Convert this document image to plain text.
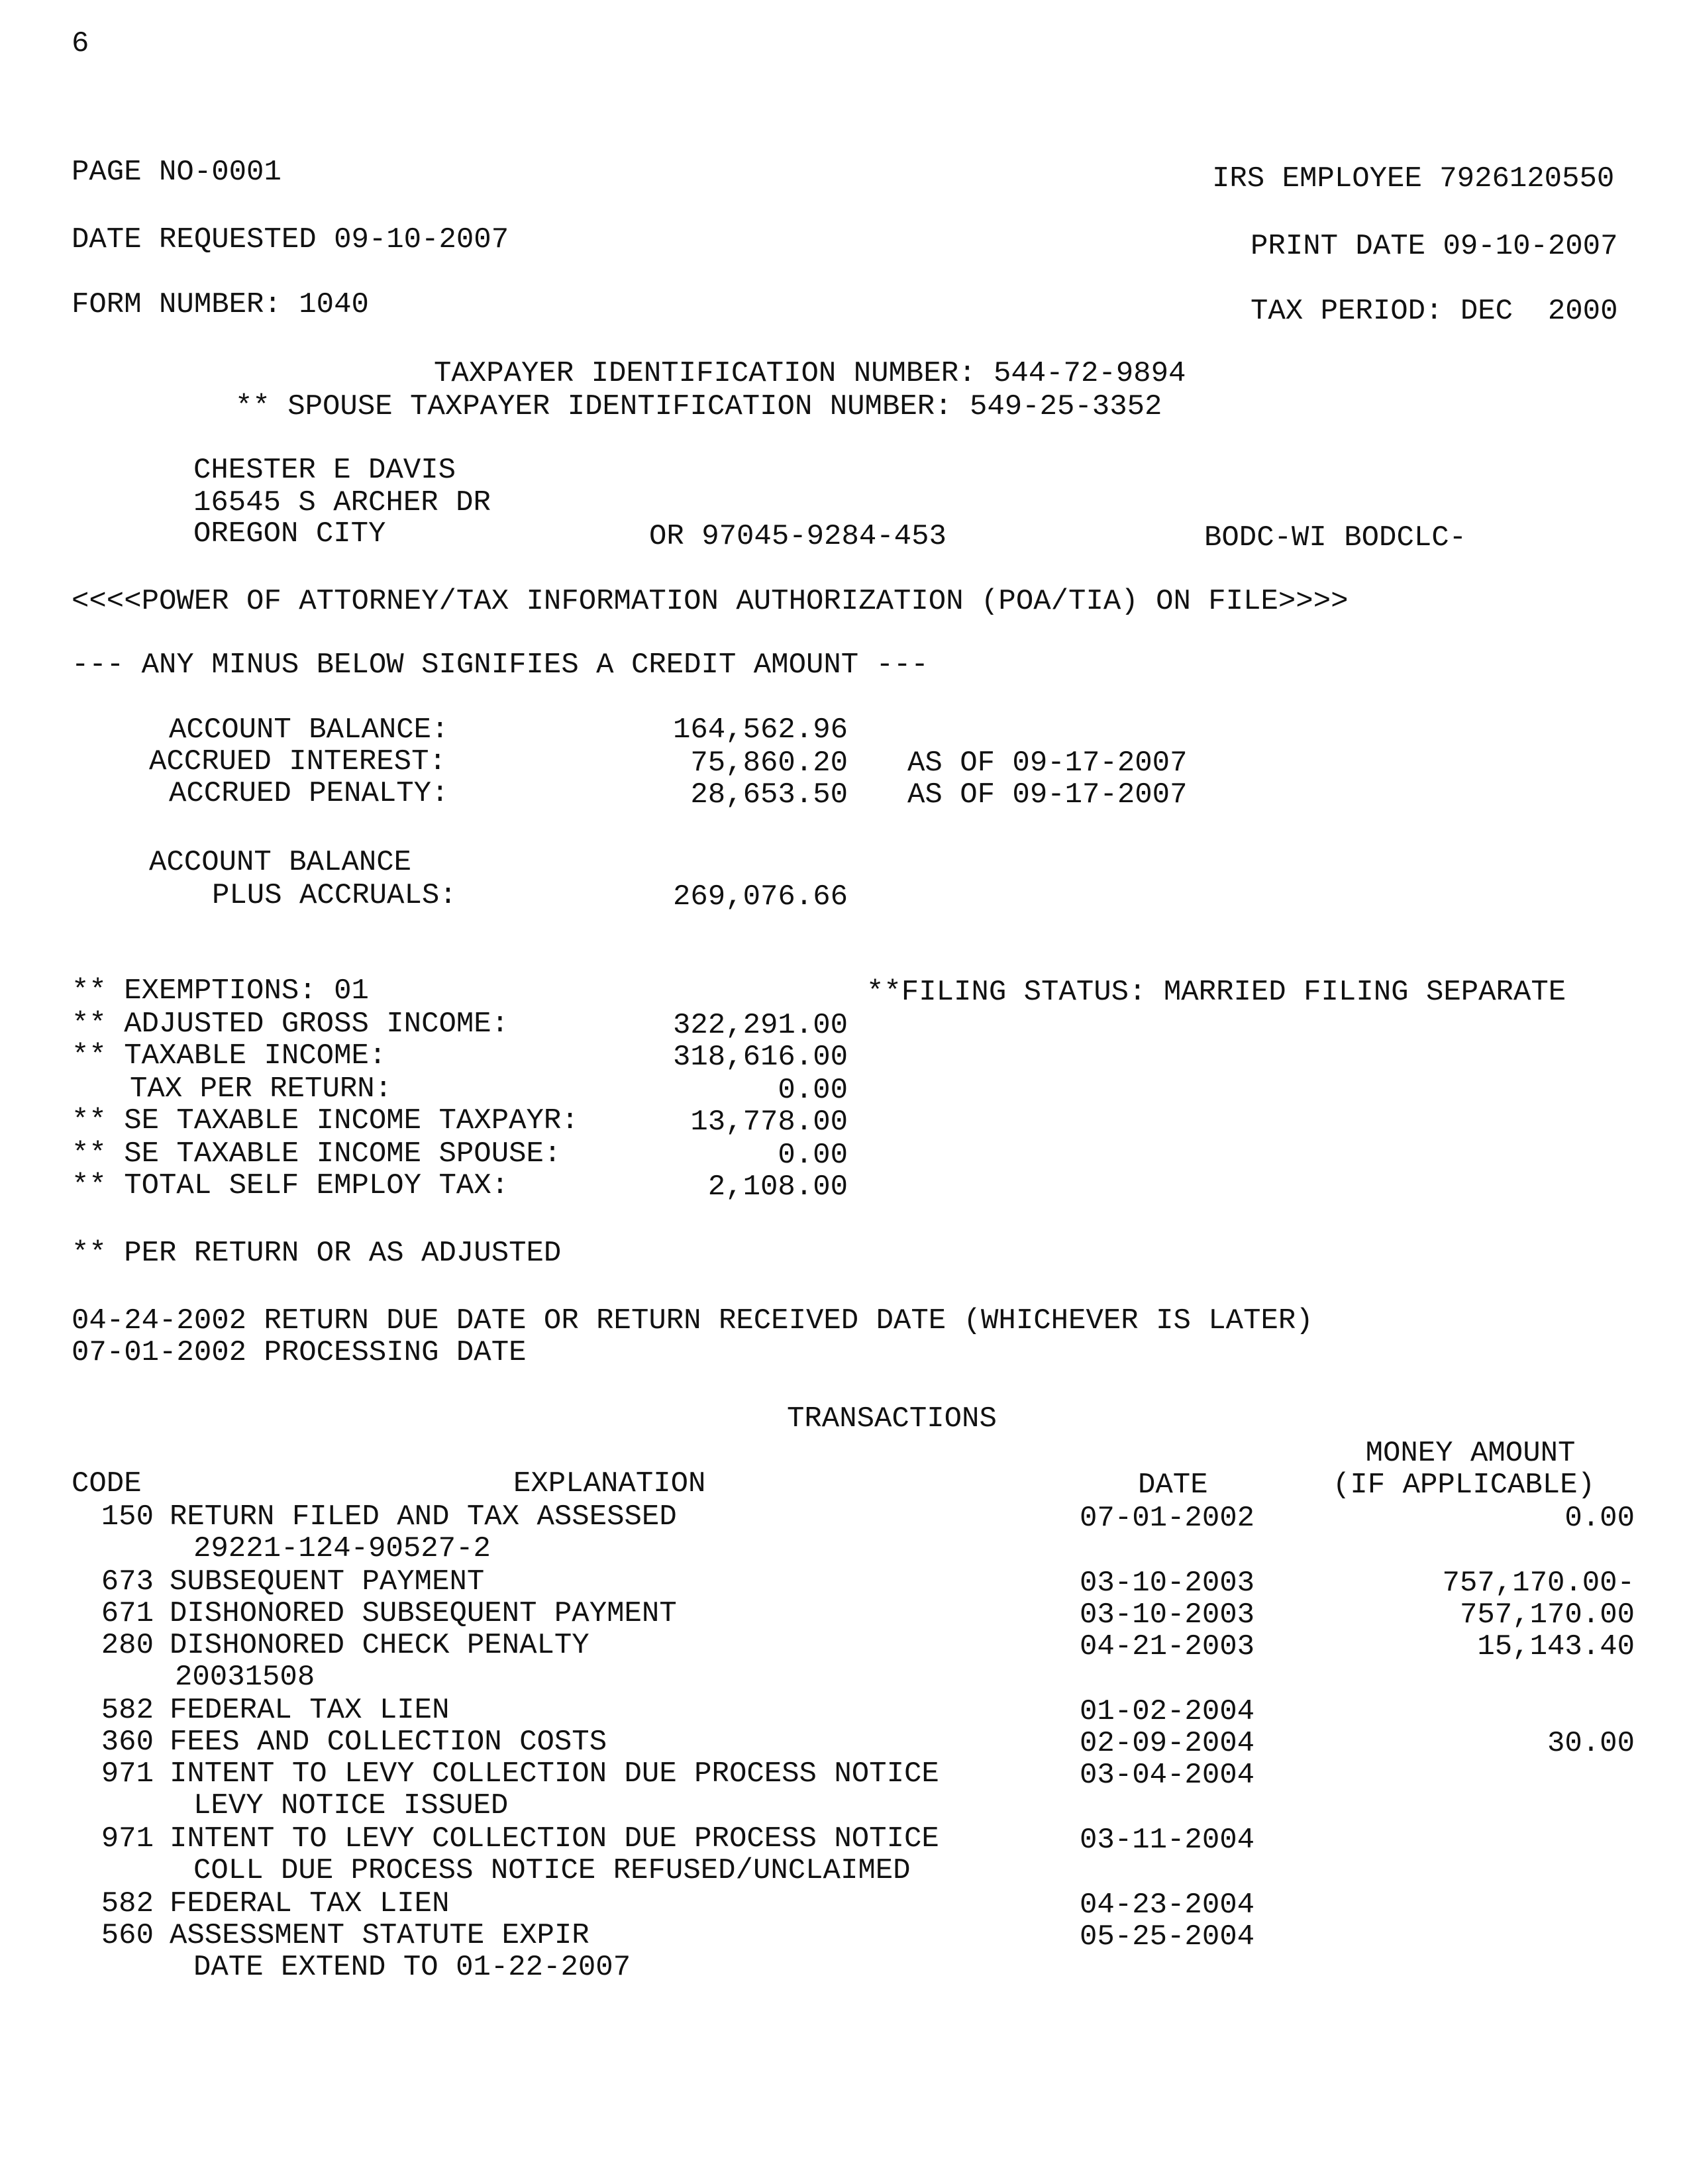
6
PAGE NO-0001	IRS EMPLOYEE 7926120550
DATE REQUESTED 09-10-2007	PRINT DATE 09-10-2007
FORM NUMBER: 1040	TAX PERIOD: DEC  2000
TAXPAYER IDENTIFICATION NUMBER: 544-72-9894
** SPOUSE TAXPAYER IDENTIFICATION NUMBER: 549-25-3352
CHESTER E DAVIS
16545 S ARCHER DR
OREGON CITY	OR 97045-9284-453	BODC-WI BODCLC-
<<<<POWER OF ATTORNEY/TAX INFORMATION AUTHORIZATION (POA/TIA) ON FILE>>>>
--- ANY MINUS BELOW SIGNIFIES A CREDIT AMOUNT ---
ACCOUNT BALANCE:	164,562.96
ACCRUED INTEREST:	75,860.20 AS OF 09-17-2007
ACCRUED PENALTY:	28,653.50 AS OF 09-17-2007
ACCOUNT BALANCE
PLUS ACCRUALS:	269,076.66
** EXEMPTIONS: 01	**FILING STATUS: MARRIED FILING SEPARATE
** ADJUSTED GROSS INCOME:	322,291.00
** TAXABLE INCOME:	318,616.00
TAX PER RETURN:	0.00
** SE TAXABLE INCOME TAXPAYR:	13,778.00
** SE TAXABLE INCOME SPOUSE:	0.00
** TOTAL SELF EMPLOY TAX:	2,108.00
** PER RETURN OR AS ADJUSTED
04-24-2002 RETURN DUE DATE OR RETURN RECEIVED DATE (WHICHEVER IS LATER)
07-01-2002 PROCESSING DATE
TRANSACTIONS
MONEY AMOUNT
CODE	EXPLANATION	DATE	(IF APPLICABLE)
150 RETURN FILED AND TAX ASSESSED	07-01-2002	0.00
29221-124-90527-2
673 SUBSEQUENT PAYMENT	03-10-2003	757,170.00-
671 DISHONORED SUBSEQUENT PAYMENT	03-10-2003	757,170.00
280 DISHONORED CHECK PENALTY	04-21-2003	15,143.40
20031508
582 FEDERAL TAX LIEN	01-02-2004
360 FEES AND COLLECTION COSTS	02-09-2004	30.00
971 INTENT TO LEVY COLLECTION DUE PROCESS NOTICE	03-04-2004
LEVY NOTICE ISSUED
971 INTENT TO LEVY COLLECTION DUE PROCESS NOTICE	03-11-2004
COLL DUE PROCESS NOTICE REFUSED/UNCLAIMED
582 FEDERAL TAX LIEN	04-23-2004
560 ASSESSMENT STATUTE EXPIR	05-25-2004
DATE EXTEND TO 01-22-2007
